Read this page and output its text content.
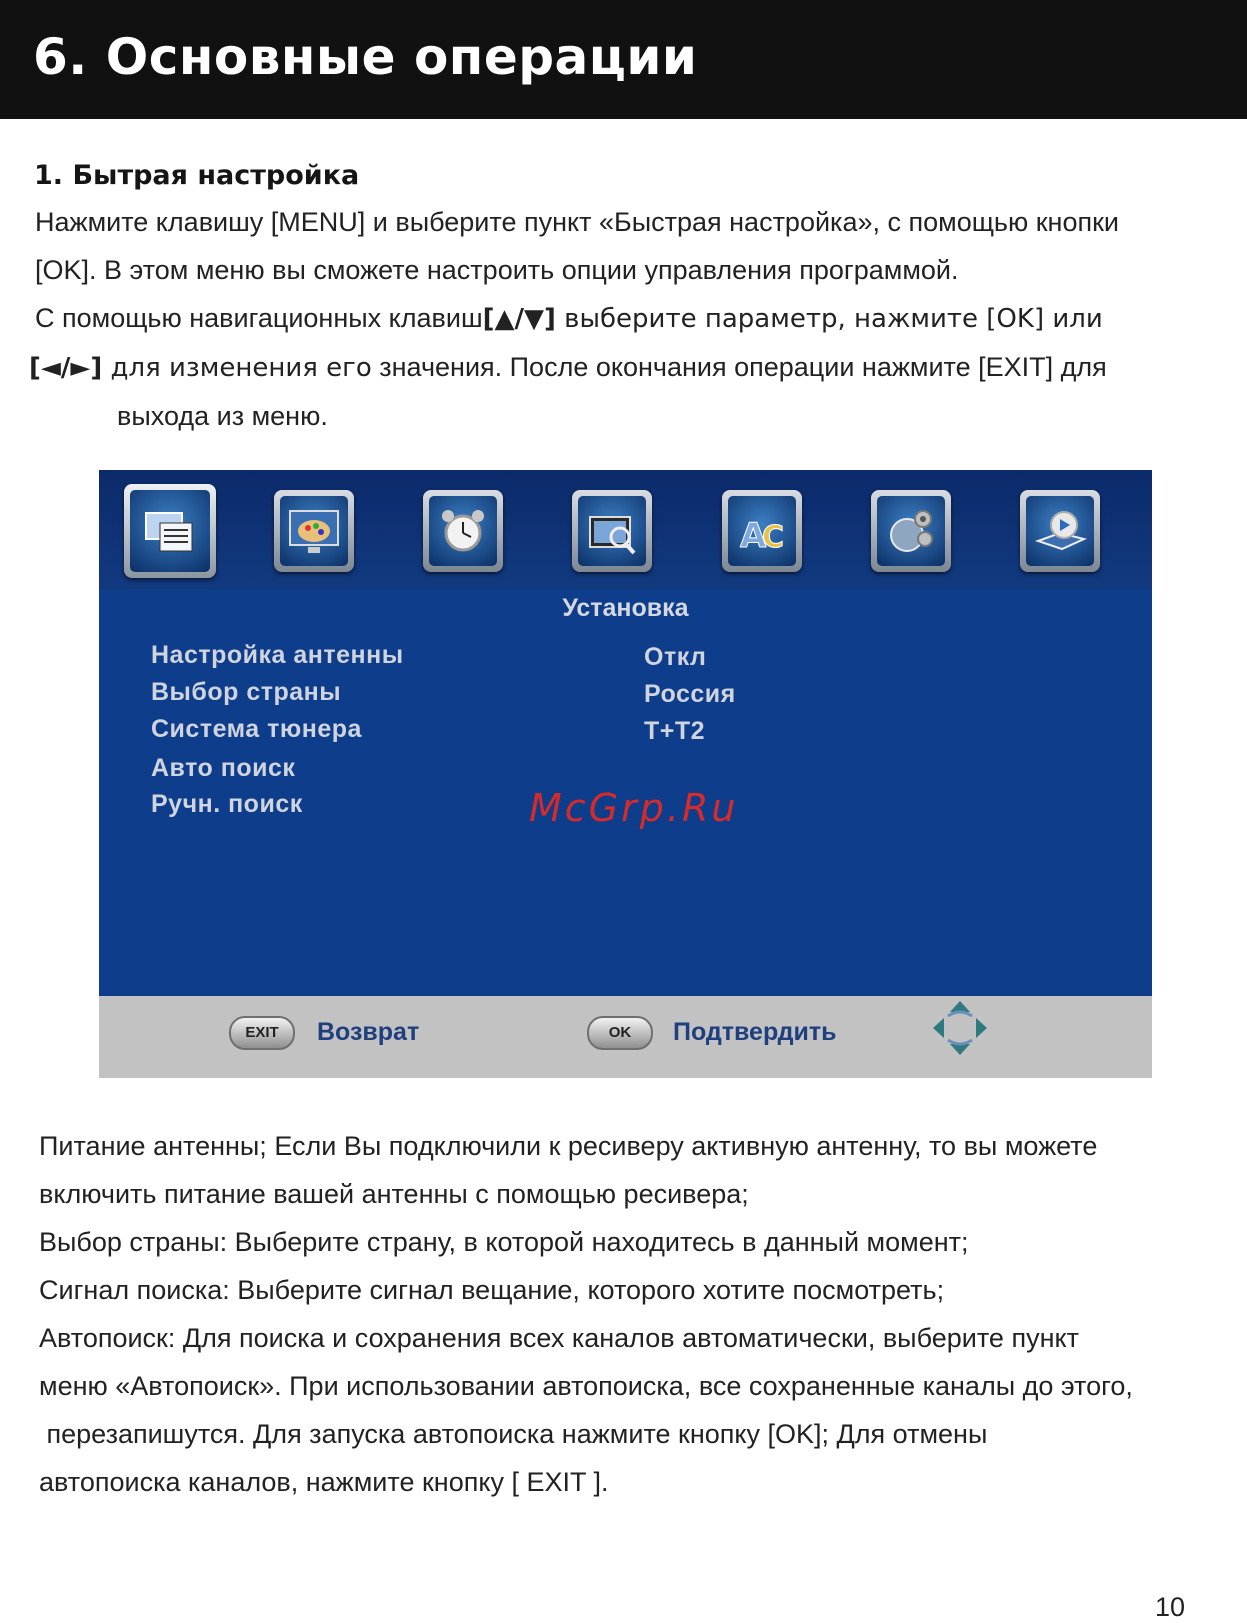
6. Основные операции
1. Бытрая настройка
Нажмите клавишу [MENU] и выберите пункт «Быстрая настройка», с помощью кнопки
[OK]. В этом меню вы сможете настроить опции управления программой.
С помощью навигационных клавиш[▲/▼] выберите параметр, нажмите [OK] или
[◄/►] для изменения его значения. После окончания операции нажмите [EXIT] для
выхода из меню.
A
C
Установка
Настройка антенны	Откл
Выбор страны	Россия
Система тюнера	T+T2
Авто поиск
Ручн. поиск	McGrp.Ru
EXIT	Возврат	OK	Подтвердить
Питание антенны; Если Вы подключили к ресиверу активную антенну, то вы можете
включить питание вашей антенны с помощью ресивера;
Выбор страны: Выберите страну, в которой находитесь в данный момент;
Сигнал поиска: Выберите сигнал вещание, которого хотите посмотреть;
Автопоиск: Для поиска и сохранения всех каналов автоматически, выберите пункт
меню «Автопоиск». При использовании автопоиска, все сохраненные каналы до этого,
перезапишутся. Для запуска автопоиска нажмите кнопку [OK]; Для отмены
автопоиска каналов, нажмите кнопку [ EXIT ].
10
